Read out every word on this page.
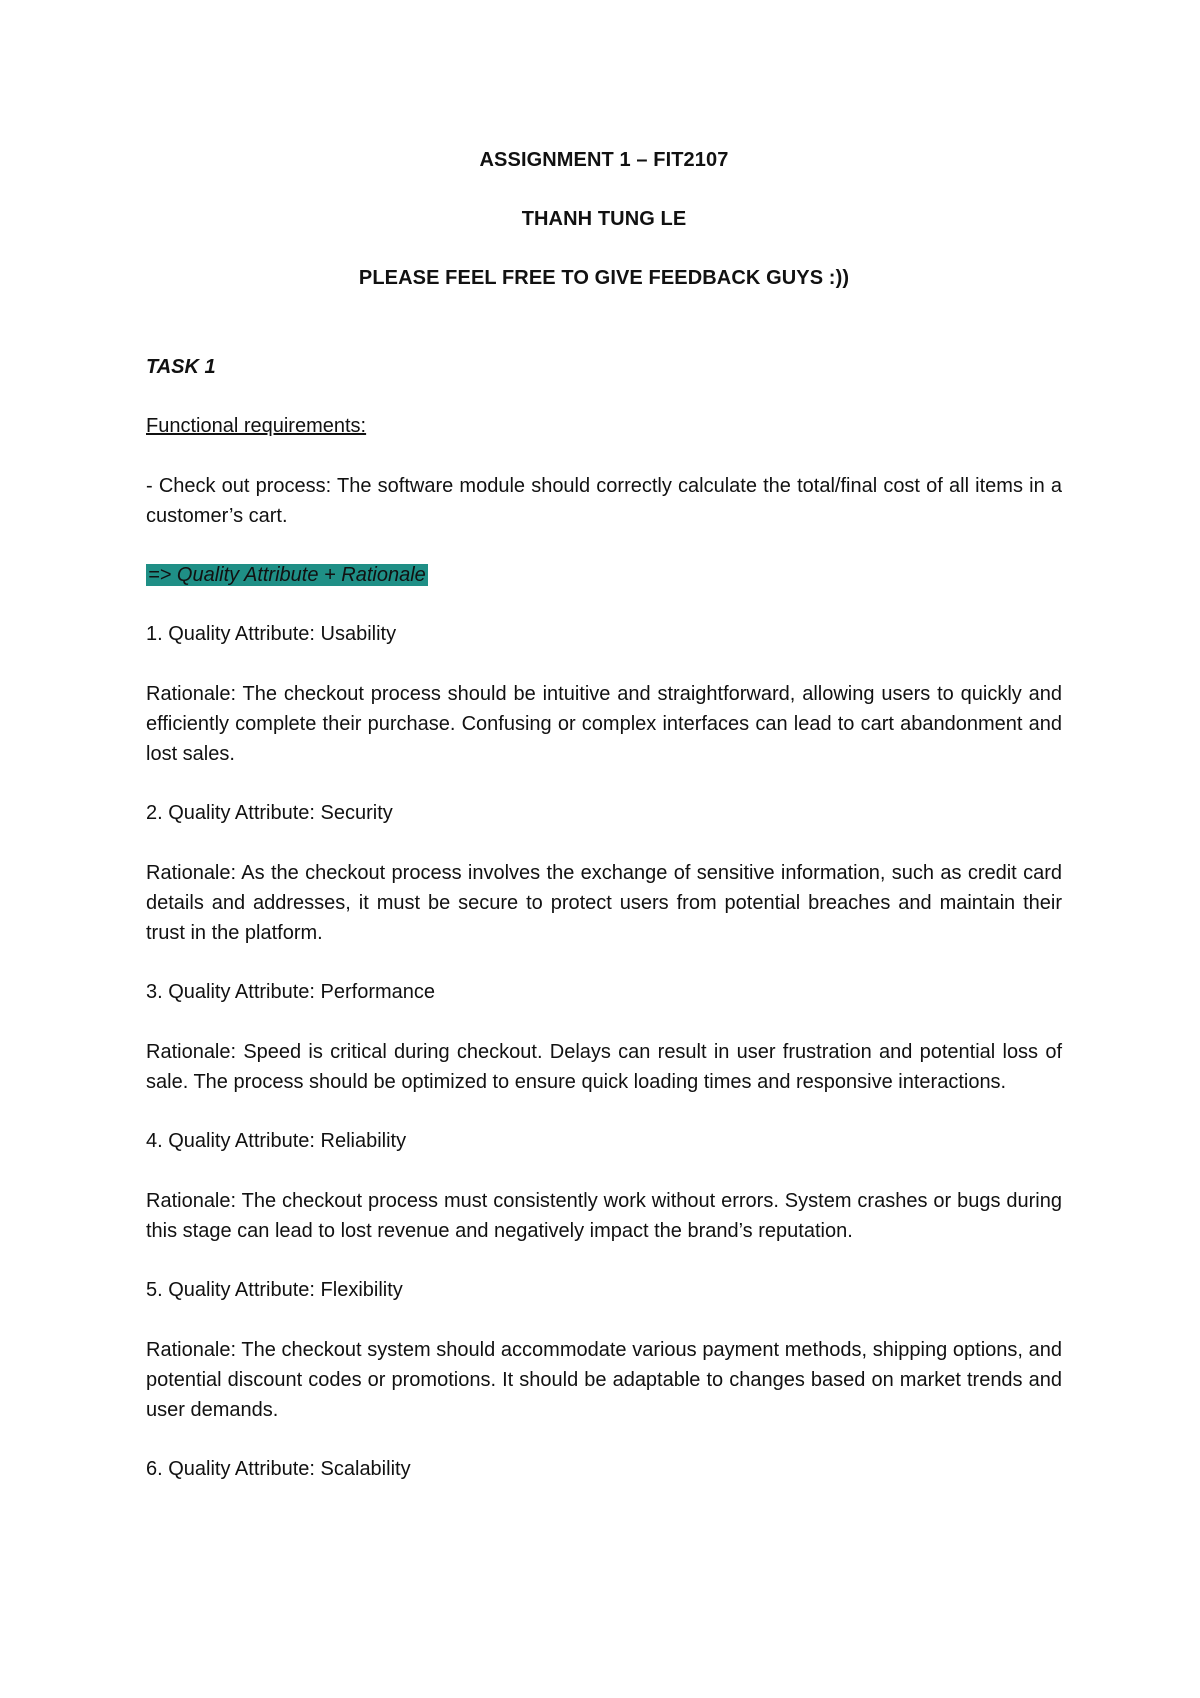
ASSIGNMENT 1 – FIT2107
THANH TUNG LE
PLEASE FEEL FREE TO GIVE FEEDBACK GUYS :))
TASK 1
Functional requirements:
- Check out process: The software module should correctly calculate the total/final cost of all items in a customer’s cart.
=> Quality Attribute + Rationale
1. Quality Attribute: Usability
Rationale: The checkout process should be intuitive and straightforward, allowing users to quickly and efficiently complete their purchase. Confusing or complex interfaces can lead to cart abandonment and lost sales.
2. Quality Attribute: Security
Rationale: As the checkout process involves the exchange of sensitive information, such as credit card details and addresses, it must be secure to protect users from potential breaches and maintain their trust in the platform.
3. Quality Attribute: Performance
Rationale: Speed is critical during checkout. Delays can result in user frustration and potential loss of sale. The process should be optimized to ensure quick loading times and responsive interactions.
4. Quality Attribute: Reliability
Rationale: The checkout process must consistently work without errors. System crashes or bugs during this stage can lead to lost revenue and negatively impact the brand’s reputation.
5. Quality Attribute: Flexibility
Rationale: The checkout system should accommodate various payment methods, shipping options, and potential discount codes or promotions. It should be adaptable to changes based on market trends and user demands.
6. Quality Attribute: Scalability
